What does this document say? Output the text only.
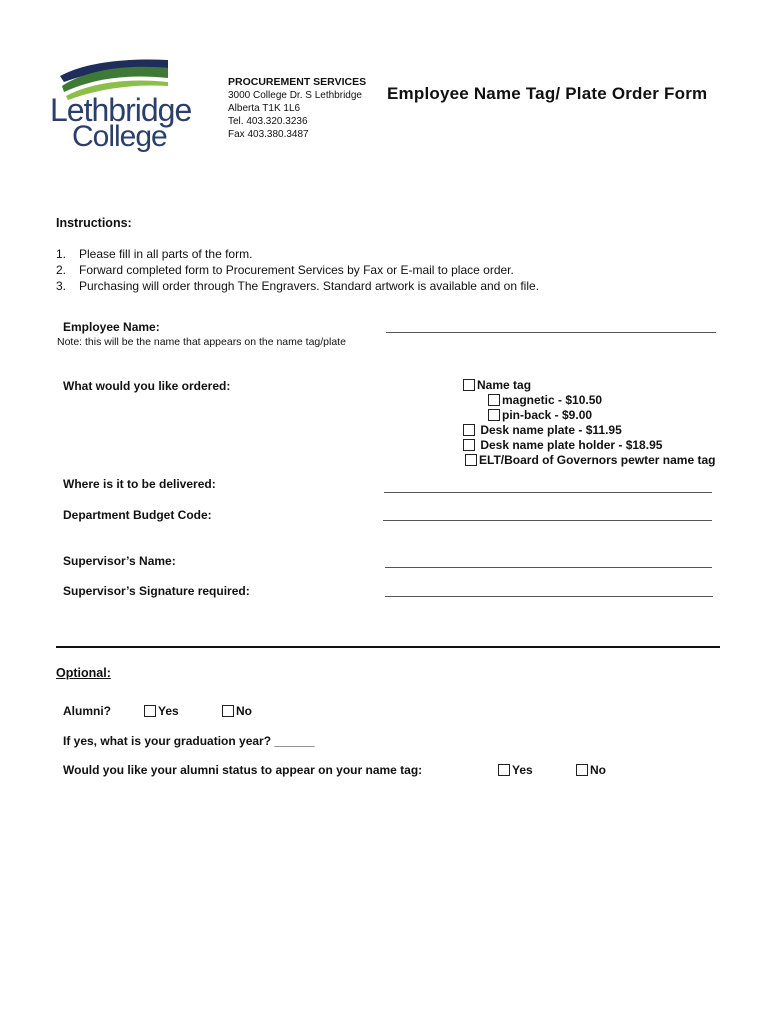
Lethbridge
College
PROCUREMENT SERVICES
3000 College Dr. S Lethbridge
Alberta T1K 1L6
Tel. 403.320.3236
Fax 403.380.3487
Employee Name Tag/ Plate Order Form
Instructions:
1. Please fill in all parts of the form.
2. Forward completed form to Procurement Services by Fax or E-mail to place order.
3. Purchasing will order through The Engravers. Standard artwork is available and on file.
Employee Name:
Note: this will be the name that appears on the name tag/plate
What would you like ordered:	Name tag
magnetic - $10.50
pin-back - $9.00
Desk name plate - $11.95
Desk name plate holder - $18.95
ELT/Board of Governors pewter name tag
Where is it to be delivered:
Department Budget Code:
Supervisor’s Name:
Supervisor’s Signature required:
Optional:
Alumni?	Yes	No
If yes, what is your graduation year? ______
Would you like your alumni status to appear on your name tag:	Yes	No
